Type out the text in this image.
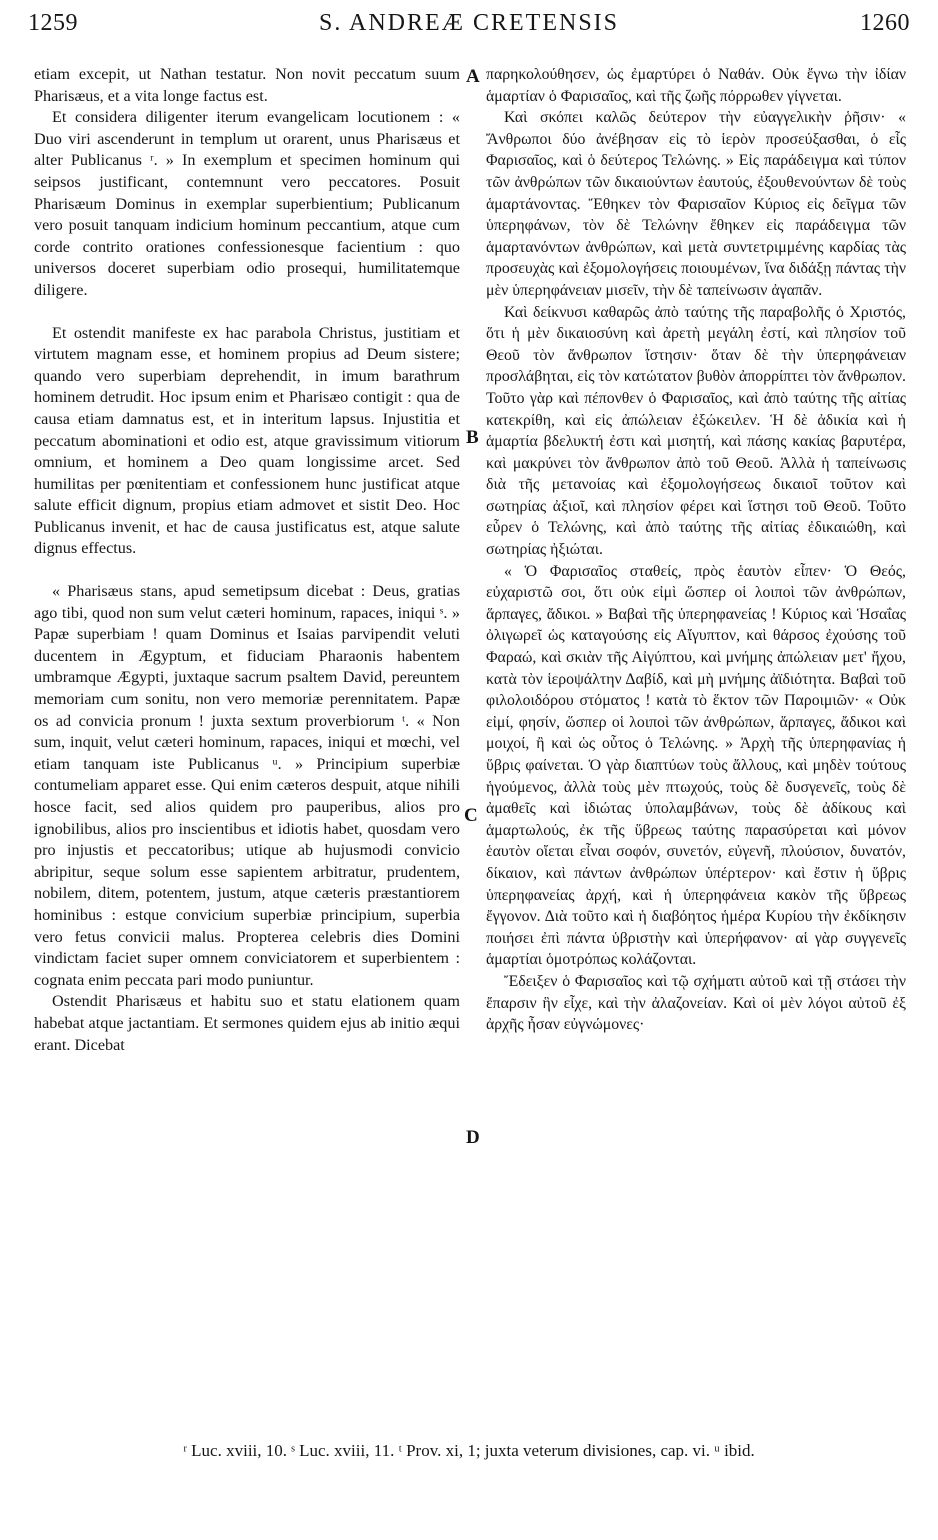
1259	S. ANDREÆ CRETENSIS	1260

etiam excepit, ut Nathan testatur. Non novit peccatum suum Pharisæus, et a vita longe factus est.

Et considera diligenter iterum evangelicam locutionem : « Duo viri ascenderunt in templum ut orarent, unus Pharisæus et alter Publicanus ʳ. » In exemplum et specimen hominum qui seipsos justificant, contemnunt vero peccatores. Posuit Pharisæum Dominus in exemplar superbientium; Publicanum vero posuit tanquam indicium hominum peccantium, atque cum corde contrito orationes confessionesque facientium : quo universos doceret superbiam odio prosequi, humilitatemque diligere.

Et ostendit manifeste ex hac parabola Christus, justitiam et virtutem magnam esse, et hominem propius ad Deum sistere; quando vero superbiam deprehendit, in imum barathrum hominem detrudit. Hoc ipsum enim et Pharisæo contigit : qua de causa etiam damnatus est, et in interitum lapsus. Injustitia et peccatum abominationi et odio est, atque gravissimum vitiorum omnium, et hominem a Deo quam longissime arcet. Sed humilitas per pœnitentiam et confessionem hunc justificat atque salute efficit dignum, propius etiam admovet et sistit Deo. Hoc Publicanus invenit, et hac de causa justificatus est, atque salute dignus effectus.

« Pharisæus stans, apud semetipsum dicebat : Deus, gratias ago tibi, quod non sum velut cæteri hominum, rapaces, iniqui ˢ. » Papæ superbiam ! quam Dominus et Isaias parvipendit veluti ducentem in Ægyptum, et fiduciam Pharaonis habentem umbramque Ægypti, juxtaque sacrum psaltem David, pereuntem memoriam cum sonitu, non vero memoriæ perennitatem. Papæ os ad convicia pronum ! juxta sextum proverbiorum ᵗ. « Non sum, inquit, velut cæteri hominum, rapaces, iniqui et mœchi, vel etiam tanquam iste Publicanus ᵘ. » Principium superbiæ contumeliam apparet esse. Qui enim cæteros despuit, atque nihili hosce facit, sed alios quidem pro pauperibus, alios pro ignobilibus, alios pro inscientibus et idiotis habet, quosdam vero pro injustis et peccatoribus; utique ab hujusmodi convicio abripitur, seque solum esse sapientem arbitratur, prudentem, nobilem, ditem, potentem, justum, atque cæteris præstantiorem hominibus : estque convicium superbiæ principium, superbia vero fetus convicii malus. Propterea celebris dies Domini vindictam faciet super omnem conviciatorem et superbientem : cognata enim peccata pari modo puniuntur.

Ostendit Pharisæus et habitu suo et statu elationem quam habebat atque jactantiam. Et sermones quidem ejus ab initio æqui erant. Dicebat

A
B
C
D

παρηκολούθησεν, ὡς ἐμαρτύρει ὁ Ναθάν. Οὐκ ἔγνω τὴν ἰδίαν ἁμαρτίαν ὁ Φαρισαῖος, καὶ τῆς ζωῆς πόρρωθεν γίγνεται.

Καὶ σκόπει καλῶς δεύτερον τὴν εὐαγγελικὴν ῥῆσιν· « Ἄνθρωποι δύο ἀνέβησαν εἰς τὸ ἱερὸν προσεύξασθαι, ὁ εἷς Φαρισαῖος, καὶ ὁ δεύτερος Τελώνης. » Εἰς παράδειγμα καὶ τύπον τῶν ἀνθρώπων τῶν δικαιούντων ἑαυτούς, ἐξουθενούντων δὲ τοὺς ἁμαρτάνοντας. Ἔθηκεν τὸν Φαρισαῖον Κύριος εἰς δεῖγμα τῶν ὑπερηφάνων, τὸν δὲ Τελώνην ἔθηκεν εἰς παράδειγμα τῶν ἁμαρτανόντων ἀνθρώπων, καὶ μετὰ συντετριμμένης καρδίας τὰς προσευχὰς καὶ ἐξομολογήσεις ποιουμένων, ἵνα διδάξῃ πάντας τὴν μὲν ὑπερηφάνειαν μισεῖν, τὴν δὲ ταπείνωσιν ἀγαπᾶν.

Καὶ δείκνυσι καθαρῶς ἀπὸ ταύτης τῆς παραβολῆς ὁ Χριστός, ὅτι ἡ μὲν δικαιοσύνη καὶ ἀρετὴ μεγάλη ἐστί, καὶ πλησίον τοῦ Θεοῦ τὸν ἄνθρωπον ἵστησιν· ὅταν δὲ τὴν ὑπερηφάνειαν προσλάβηται, εἰς τὸν κατώτατον βυθὸν ἀπορρίπτει τὸν ἄνθρωπον. Τοῦτο γὰρ καὶ πέπονθεν ὁ Φαρισαῖος, καὶ ἀπὸ ταύτης τῆς αἰτίας κατεκρίθη, καὶ εἰς ἀπώλειαν ἐξώκειλεν. Ἡ δὲ ἀδικία καὶ ἡ ἁμαρτία βδελυκτή ἐστι καὶ μισητή, καὶ πάσης κακίας βαρυτέρα, καὶ μακρύνει τὸν ἄνθρωπον ἀπὸ τοῦ Θεοῦ. Ἀλλὰ ἡ ταπείνωσις διὰ τῆς μετανοίας καὶ ἐξομολογήσεως δικαιοῖ τοῦτον καὶ σωτηρίας ἀξιοῖ, καὶ πλησίον φέρει καὶ ἵστησι τοῦ Θεοῦ. Τοῦτο εὗρεν ὁ Τελώνης, καὶ ἀπὸ ταύτης τῆς αἰτίας ἐδικαιώθη, καὶ σωτηρίας ἠξιώται.

« Ὁ Φαρισαῖος σταθείς, πρὸς ἑαυτὸν εἶπεν· Ὁ Θεός, εὐχαριστῶ σοι, ὅτι οὐκ εἰμὶ ὥσπερ οἱ λοιποὶ τῶν ἀνθρώπων, ἅρπαγες, ἄδικοι. » Βαβαὶ τῆς ὑπερηφανείας ! Κύριος καὶ Ἡσαΐας ὀλιγωρεῖ ὡς καταγούσης εἰς Αἴγυπτον, καὶ θάρσος ἐχούσης τοῦ Φαραώ, καὶ σκιὰν τῆς Αἰγύπτου, καὶ μνήμης ἀπώλειαν μετ' ἤχου, κατὰ τὸν ἱεροψάλτην Δαβίδ, καὶ μὴ μνήμης ἀϊδιότητα. Βαβαὶ τοῦ φιλολοιδόρου στόματος ! κατὰ τὸ ἕκτον τῶν Παροιμιῶν· « Οὐκ εἰμί, φησίν, ὥσπερ οἱ λοιποὶ τῶν ἀνθρώπων, ἅρπαγες, ἄδικοι καὶ μοιχοί, ἢ καὶ ὡς οὗτος ὁ Τελώνης. » Ἀρχὴ τῆς ὑπερηφανίας ἡ ὕβρις φαίνεται. Ὁ γὰρ διαπτύων τοὺς ἄλλους, καὶ μηδὲν τούτους ἡγούμενος, ἀλλὰ τοὺς μὲν πτωχούς, τοὺς δὲ δυσγενεῖς, τοὺς δὲ ἀμαθεῖς καὶ ἰδιώτας ὑπολαμβάνων, τοὺς δὲ ἀδίκους καὶ ἁμαρτωλούς, ἐκ τῆς ὕβρεως ταύτης παρασύρεται καὶ μόνον ἑαυτὸν οἴεται εἶναι σοφόν, συνετόν, εὐγενῆ, πλούσιον, δυνατόν, δίκαιον, καὶ πάντων ἀνθρώπων ὑπέρτερον· καὶ ἔστιν ἡ ὕβρις ὑπερηφανείας ἀρχή, καὶ ἡ ὑπερηφάνεια κακὸν τῆς ὕβρεως ἔγγονον. Διὰ τοῦτο καὶ ἡ διαβόητος ἡμέρα Κυρίου τὴν ἐκδίκησιν ποιήσει ἐπὶ πάντα ὑβριστὴν καὶ ὑπερήφανον· αἱ γὰρ συγγενεῖς ἁμαρτίαι ὁμοτρόπως κολάζονται.

Ἔδειξεν ὁ Φαρισαῖος καὶ τῷ σχήματι αὐτοῦ καὶ τῇ στάσει τὴν ἔπαρσιν ἣν εἶχε, καὶ τὴν ἀλαζονείαν. Καὶ οἱ μὲν λόγοι αὐτοῦ ἐξ ἀρχῆς ἦσαν εὐγνώμονες·

ʳ Luc. xviii, 10. ˢ Luc. xviii, 11. ᵗ Prov. xi, 1; juxta veterum divisiones, cap. vi. ᵘ ibid.
